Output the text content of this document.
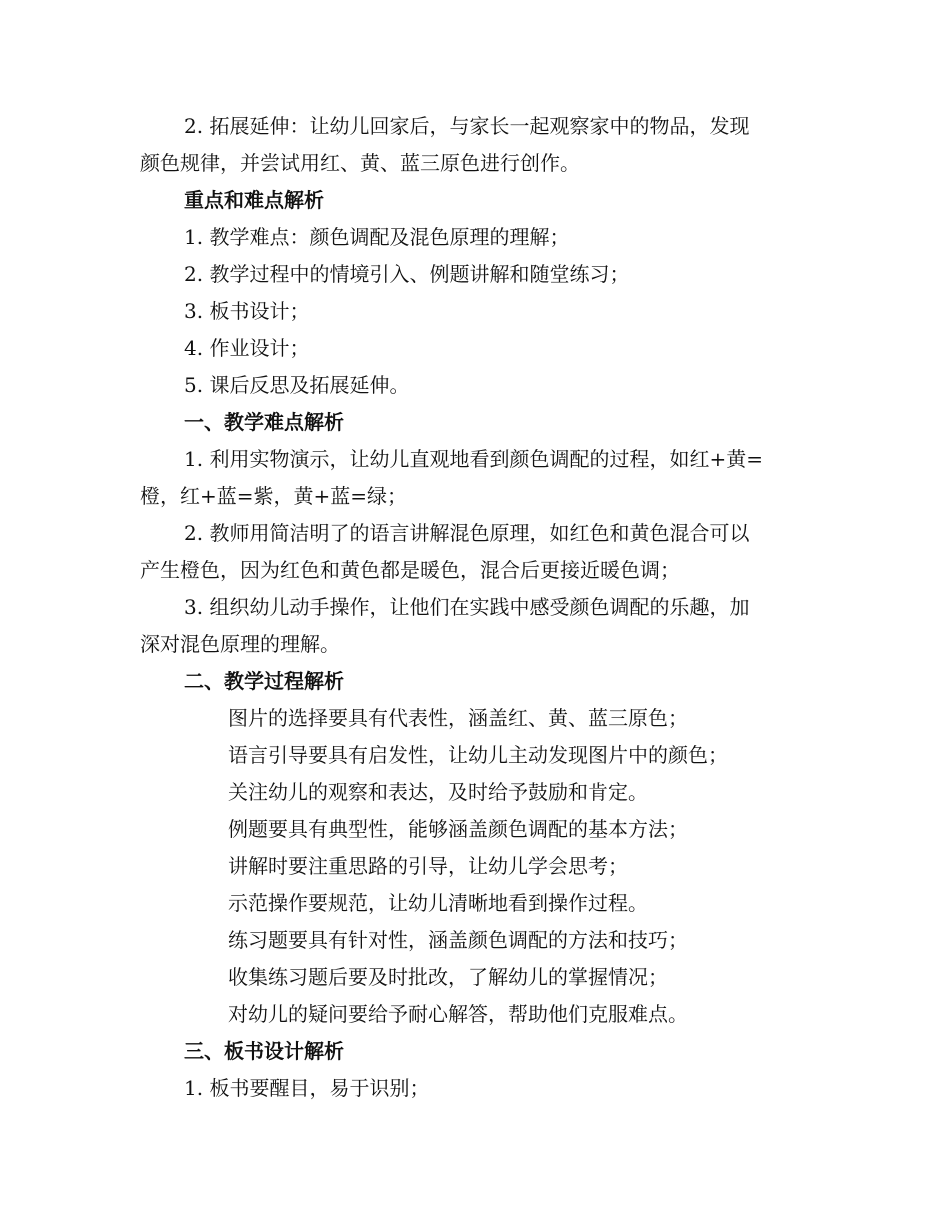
2. 拓展延伸：让幼儿回家后，与家长一起观察家中的物品，发现
颜色规律，并尝试用红、黄、蓝三原色进行创作。
重点和难点解析
1. 教学难点：颜色调配及混色原理的理解；
2. 教学过程中的情境引入、例题讲解和随堂练习；
3. 板书设计；
4. 作业设计；
5. 课后反思及拓展延伸。
一、教学难点解析
1. 利用实物演示，让幼儿直观地看到颜色调配的过程，如红+黄=
橙，红+蓝=紫，黄+蓝=绿；
2. 教师用简洁明了的语言讲解混色原理，如红色和黄色混合可以
产生橙色，因为红色和黄色都是暖色，混合后更接近暖色调；
3. 组织幼儿动手操作，让他们在实践中感受颜色调配的乐趣，加
深对混色原理的理解。
二、教学过程解析
图片的选择要具有代表性，涵盖红、黄、蓝三原色；
语言引导要具有启发性，让幼儿主动发现图片中的颜色；
关注幼儿的观察和表达，及时给予鼓励和肯定。
例题要具有典型性，能够涵盖颜色调配的基本方法；
讲解时要注重思路的引导，让幼儿学会思考；
示范操作要规范，让幼儿清晰地看到操作过程。
练习题要具有针对性，涵盖颜色调配的方法和技巧；
收集练习题后要及时批改，了解幼儿的掌握情况；
对幼儿的疑问要给予耐心解答，帮助他们克服难点。
三、板书设计解析
1. 板书要醒目，易于识别；
